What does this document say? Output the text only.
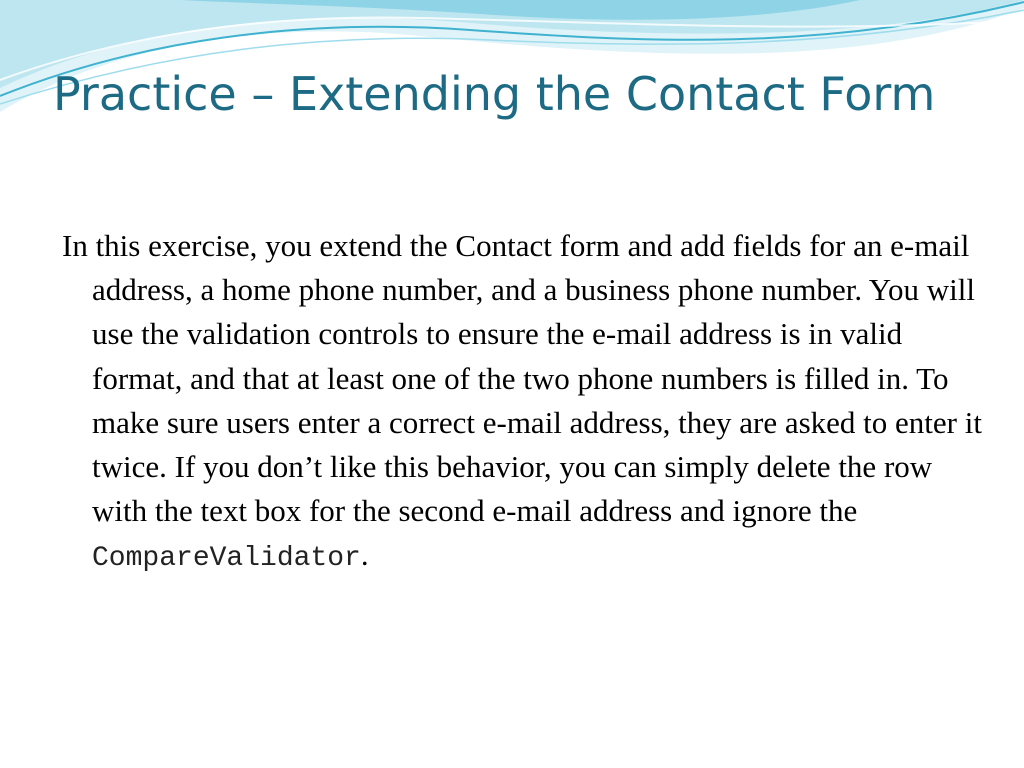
Practice – Extending the Contact Form

In this exercise, you extend the Contact form and add fields for an e-mail address, a home phone number, and a business phone number. You will use the validation controls to ensure the e-mail address is in valid format, and that at least one of the two phone numbers is filled in. To make sure users enter a correct e-mail address, they are asked to enter it twice. If you don’t like this behavior, you can simply delete the row with the text box for the second e-mail address and ignore the CompareValidator.
